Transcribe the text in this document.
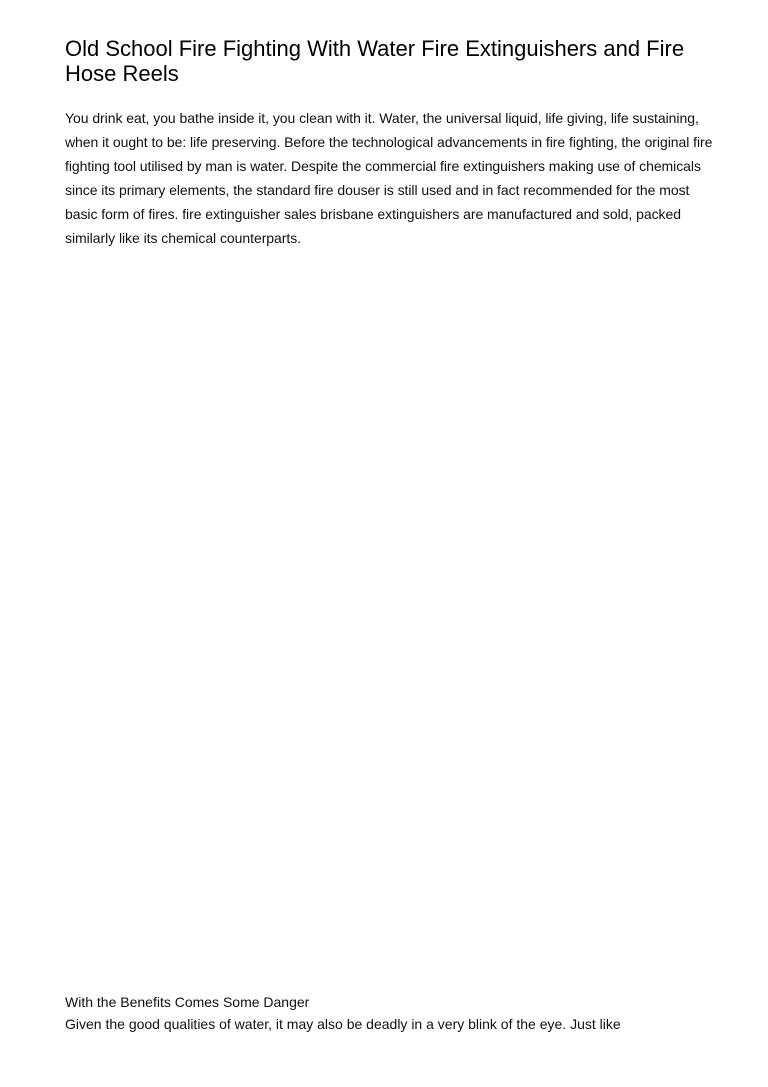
Old School Fire Fighting With Water Fire Extinguishers and Fire Hose Reels

You drink eat, you bathe inside it, you clean with it. Water, the universal liquid, life giving, life sustaining, when it ought to be: life preserving. Before the technological advancements in fire fighting, the original fire fighting tool utilised by man is water. Despite the commercial fire extinguishers making use of chemicals since its primary elements, the standard fire douser is still used and in fact recommended for the most basic form of fires. fire extinguisher sales brisbane extinguishers are manufactured and sold, packed similarly like its chemical counterparts.

With the Benefits Comes Some Danger

Given the good qualities of water, it may also be deadly in a very blink of the eye. Just like
